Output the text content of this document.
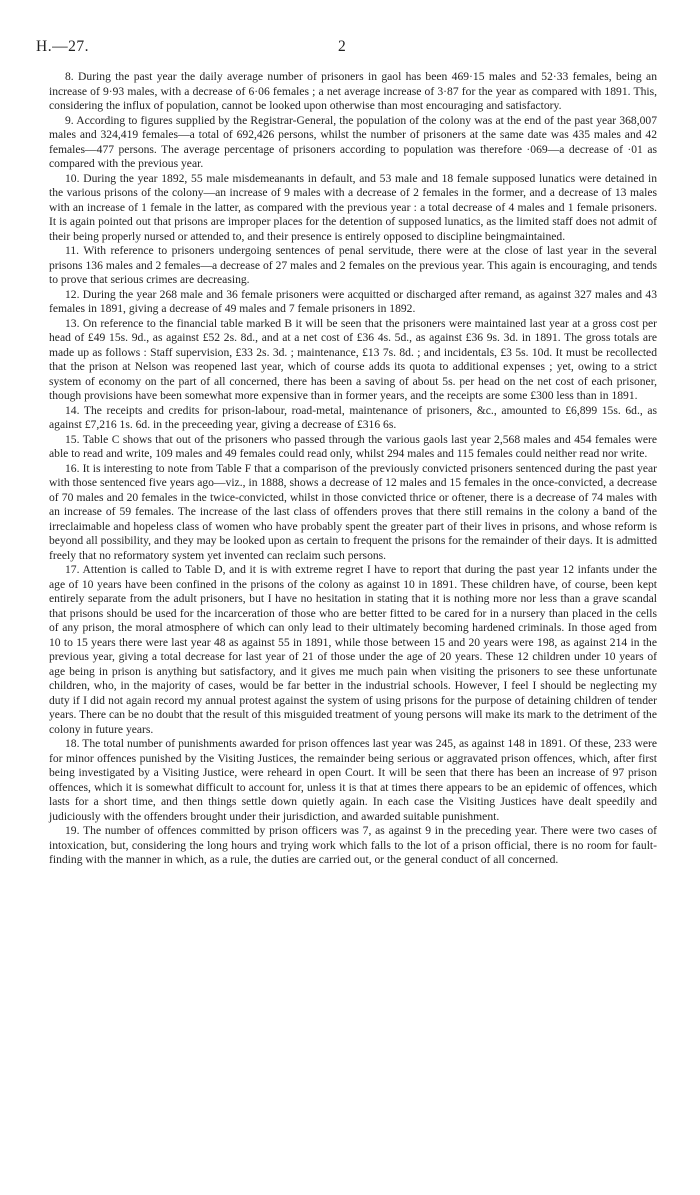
H.—27.	2

8. During the past year the daily average number of prisoners in gaol has been 469·15 males and 52·33 females, being an increase of 9·93 males, with a decrease of 6·06 females ; a net average increase of 3·87 for the year as compared with 1891. This, considering the influx of population, cannot be looked upon otherwise than most encouraging and satisfactory.

9. According to figures supplied by the Registrar-General, the population of the colony was at the end of the past year 368,007 males and 324,419 females—a total of 692,426 persons, whilst the number of prisoners at the same date was 435 males and 42 females—477 persons. The average percentage of prisoners according to population was therefore ·069—a decrease of ·01 as compared with the previous year.

10. During the year 1892, 55 male misdemeanants in default, and 53 male and 18 female supposed lunatics were detained in the various prisons of the colony—an increase of 9 males with a decrease of 2 females in the former, and a decrease of 13 males with an increase of 1 female in the latter, as compared with the previous year : a total decrease of 4 males and 1 female prisoners. It is again pointed out that prisons are improper places for the detention of supposed lunatics, as the limited staff does not admit of their being properly nursed or attended to, and their presence is entirely opposed to discipline beingmaintained.

11. With reference to prisoners undergoing sentences of penal servitude, there were at the close of last year in the several prisons 136 males and 2 females—a decrease of 27 males and 2 females on the previous year. This again is encouraging, and tends to prove that serious crimes are decreasing.

12. During the year 268 male and 36 female prisoners were acquitted or discharged after remand, as against 327 males and 43 females in 1891, giving a decrease of 49 males and 7 female prisoners in 1892.

13. On reference to the financial table marked B it will be seen that the prisoners were maintained last year at a gross cost per head of £49 15s. 9d., as against £52 2s. 8d., and at a net cost of £36 4s. 5d., as against £36 9s. 3d. in 1891. The gross totals are made up as follows : Staff supervision, £33 2s. 3d. ; maintenance, £13 7s. 8d. ; and incidentals, £3 5s. 10d. It must be recollected that the prison at Nelson was reopened last year, which of course adds its quota to additional expenses ; yet, owing to a strict system of economy on the part of all concerned, there has been a saving of about 5s. per head on the net cost of each prisoner, though provisions have been somewhat more expensive than in former years, and the receipts are some £300 less than in 1891.

14. The receipts and credits for prison-labour, road-metal, maintenance of prisoners, &c., amounted to £6,899 15s. 6d., as against £7,216 1s. 6d. in the preceeding year, giving a decrease of £316 6s.

15. Table C shows that out of the prisoners who passed through the various gaols last year 2,568 males and 454 females were able to read and write, 109 males and 49 females could read only, whilst 294 males and 115 females could neither read nor write.

16. It is interesting to note from Table F that a comparison of the previously convicted prisoners sentenced during the past year with those sentenced five years ago—viz., in 1888, shows a decrease of 12 males and 15 females in the once-convicted, a decrease of 70 males and 20 females in the twice-convicted, whilst in those convicted thrice or oftener, there is a decrease of 74 males with an increase of 59 females. The increase of the last class of offenders proves that there still remains in the colony a band of the irreclaimable and hopeless class of women who have probably spent the greater part of their lives in prisons, and whose reform is beyond all possibility, and they may be looked upon as certain to frequent the prisons for the remainder of their days. It is admitted freely that no reformatory system yet invented can reclaim such persons.

17. Attention is called to Table D, and it is with extreme regret I have to report that during the past year 12 infants under the age of 10 years have been confined in the prisons of the colony as against 10 in 1891. These children have, of course, been kept entirely separate from the adult prisoners, but I have no hesitation in stating that it is nothing more nor less than a grave scandal that prisons should be used for the incarceration of those who are better fitted to be cared for in a nursery than placed in the cells of any prison, the moral atmosphere of which can only lead to their ultimately becoming hardened criminals. In those aged from 10 to 15 years there were last year 48 as against 55 in 1891, while those between 15 and 20 years were 198, as against 214 in the previous year, giving a total decrease for last year of 21 of those under the age of 20 years. These 12 children under 10 years of age being in prison is anything but satisfactory, and it gives me much pain when visiting the prisoners to see these unfortunate children, who, in the majority of cases, would be far better in the industrial schools. However, I feel I should be neglecting my duty if I did not again record my annual protest against the system of using prisons for the purpose of detaining children of tender years. There can be no doubt that the result of this misguided treatment of young persons will make its mark to the detriment of the colony in future years.

18. The total number of punishments awarded for prison offences last year was 245, as against 148 in 1891. Of these, 233 were for minor offences punished by the Visiting Justices, the remainder being serious or aggravated prison offences, which, after first being investigated by a Visiting Justice, were reheard in open Court. It will be seen that there has been an increase of 97 prison offences, which it is somewhat difficult to account for, unless it is that at times there appears to be an epidemic of offences, which lasts for a short time, and then things settle down quietly again. In each case the Visiting Justices have dealt speedily and judiciously with the offenders brought under their jurisdiction, and awarded suitable punishment.

19. The number of offences committed by prison officers was 7, as against 9 in the preceding year. There were two cases of intoxication, but, considering the long hours and trying work which falls to the lot of a prison official, there is no room for fault-finding with the manner in which, as a rule, the duties are carried out, or the general conduct of all concerned.
